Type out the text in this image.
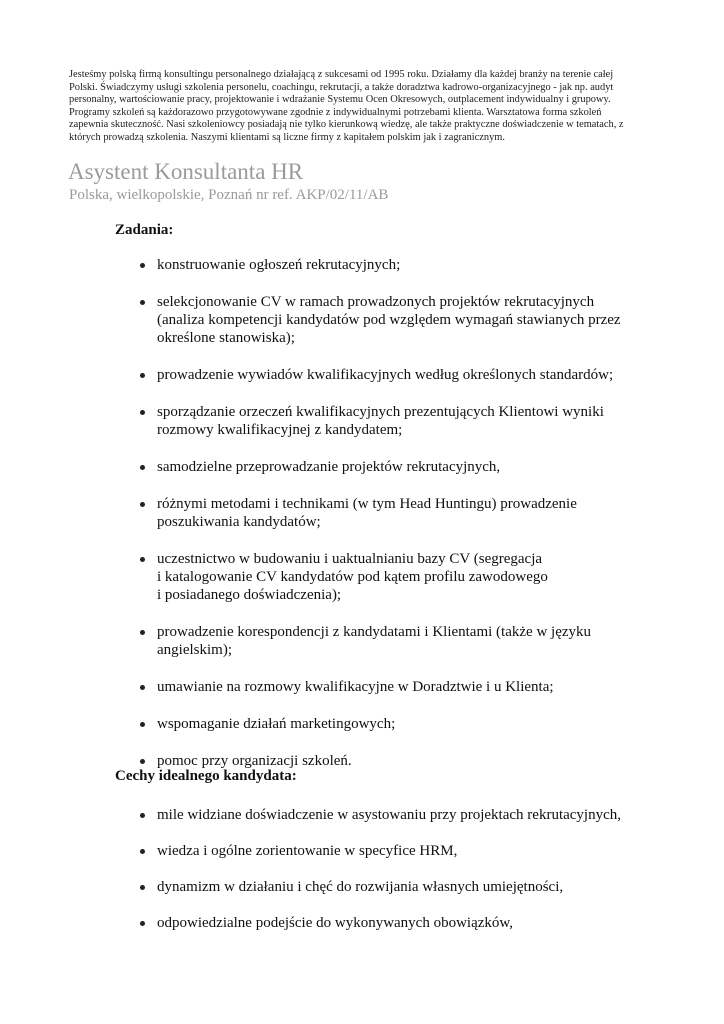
Jesteśmy polską firmą konsultingu personalnego działającą z sukcesami od 1995 roku. Działamy dla każdej branży na terenie całej
Polski. Świadczymy usługi szkolenia personelu, coachingu, rekrutacji, a także doradztwa kadrowo-organizacyjnego - jak np. audyt
personalny, wartościowanie pracy, projektowanie i wdrażanie Systemu Ocen Okresowych, outplacement indywidualny i grupowy.
Programy szkoleń są każdorazowo przygotowywane zgodnie z indywidualnymi potrzebami klienta. Warsztatowa forma szkoleń
zapewnia skuteczność. Nasi szkoleniowcy posiadają nie tylko kierunkową wiedzę, ale także praktyczne doświadczenie w tematach, z
których prowadzą szkolenia. Naszymi klientami są liczne firmy z kapitałem polskim jak i zagranicznym.

Asystent Konsultanta HR

Polska, wielkopolskie, Poznań nr ref. AKP/02/11/AB

Zadania:
konstruowanie ogłoszeń rekrutacyjnych;
selekcjonowanie CV w ramach prowadzonych projektów rekrutacyjnych
(analiza kompetencji kandydatów pod względem wymagań stawianych przez
określone stanowiska);
prowadzenie wywiadów kwalifikacyjnych według określonych standardów;
sporządzanie orzeczeń kwalifikacyjnych prezentujących Klientowi wyniki
rozmowy kwalifikacyjnej z kandydatem;
samodzielne przeprowadzanie projektów rekrutacyjnych,
różnymi metodami i technikami (w tym Head Huntingu) prowadzenie
poszukiwania kandydatów;
uczestnictwo w budowaniu i uaktualnianiu bazy CV (segregacja
i katalogowanie CV kandydatów pod kątem profilu zawodowego
i posiadanego doświadczenia);
prowadzenie korespondencji z kandydatami i Klientami (także w języku
angielskim);
umawianie na rozmowy kwalifikacyjne w Doradztwie i u Klienta;
wspomaganie działań marketingowych;
pomoc przy organizacji szkoleń.
Cechy idealnego kandydata:
mile widziane doświadczenie w asystowaniu przy projektach rekrutacyjnych,
wiedza i ogólne zorientowanie w specyfice HRM,
dynamizm w działaniu i chęć do rozwijania własnych umiejętności,
odpowiedzialne podejście do wykonywanych obowiązków,
